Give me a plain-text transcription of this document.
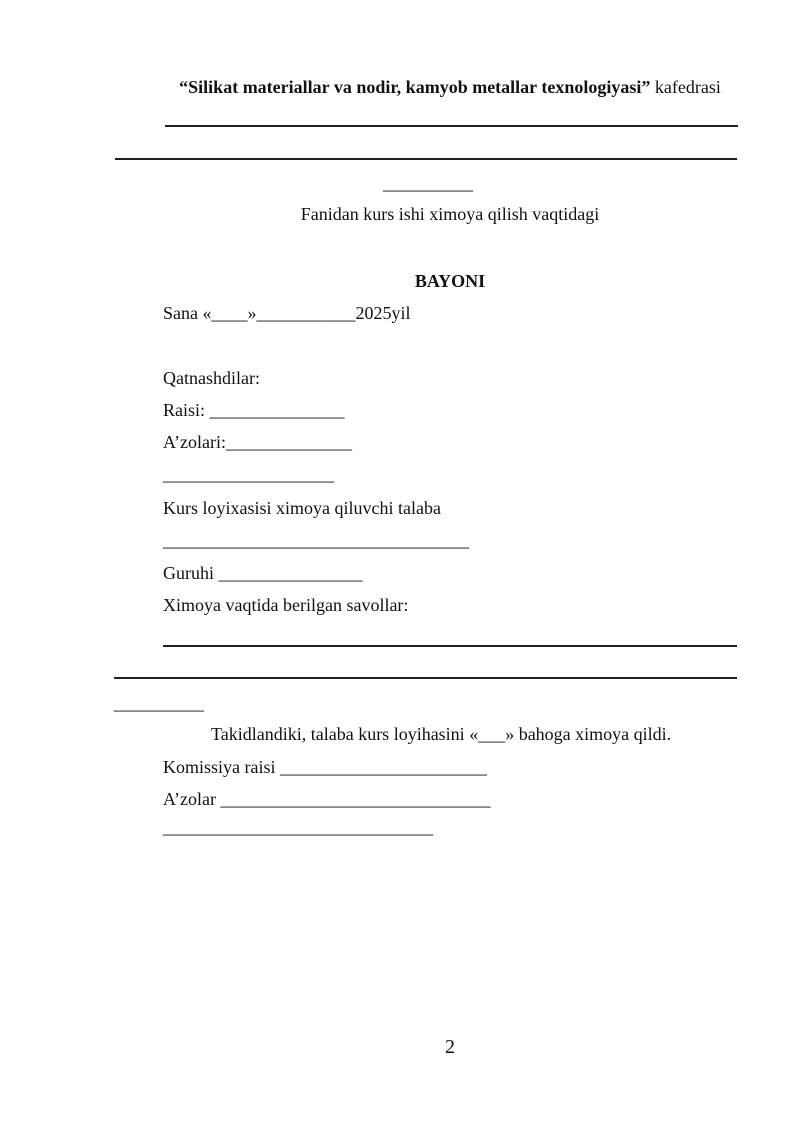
“Silikat materiallar va nodir, kamyob metallar texnologiyasi” kafedrasi
__________
Fanidan kurs ishi ximoya qilish vaqtidagi
BAYONI
Sana «____»___________2025yil
Qatnashdilar:
Raisi: _______________
A’zolari:______________
___________________
Kurs loyixasisi ximoya qiluvchi talaba
__________________________________
Guruhi ________________
Ximoya vaqtida berilgan savollar:
__________
Takidlandiki, talaba kurs loyihasini «___» bahoga ximoya qildi.
Komissiya raisi _______________________
A’zolar ______________________________
______________________________
2
